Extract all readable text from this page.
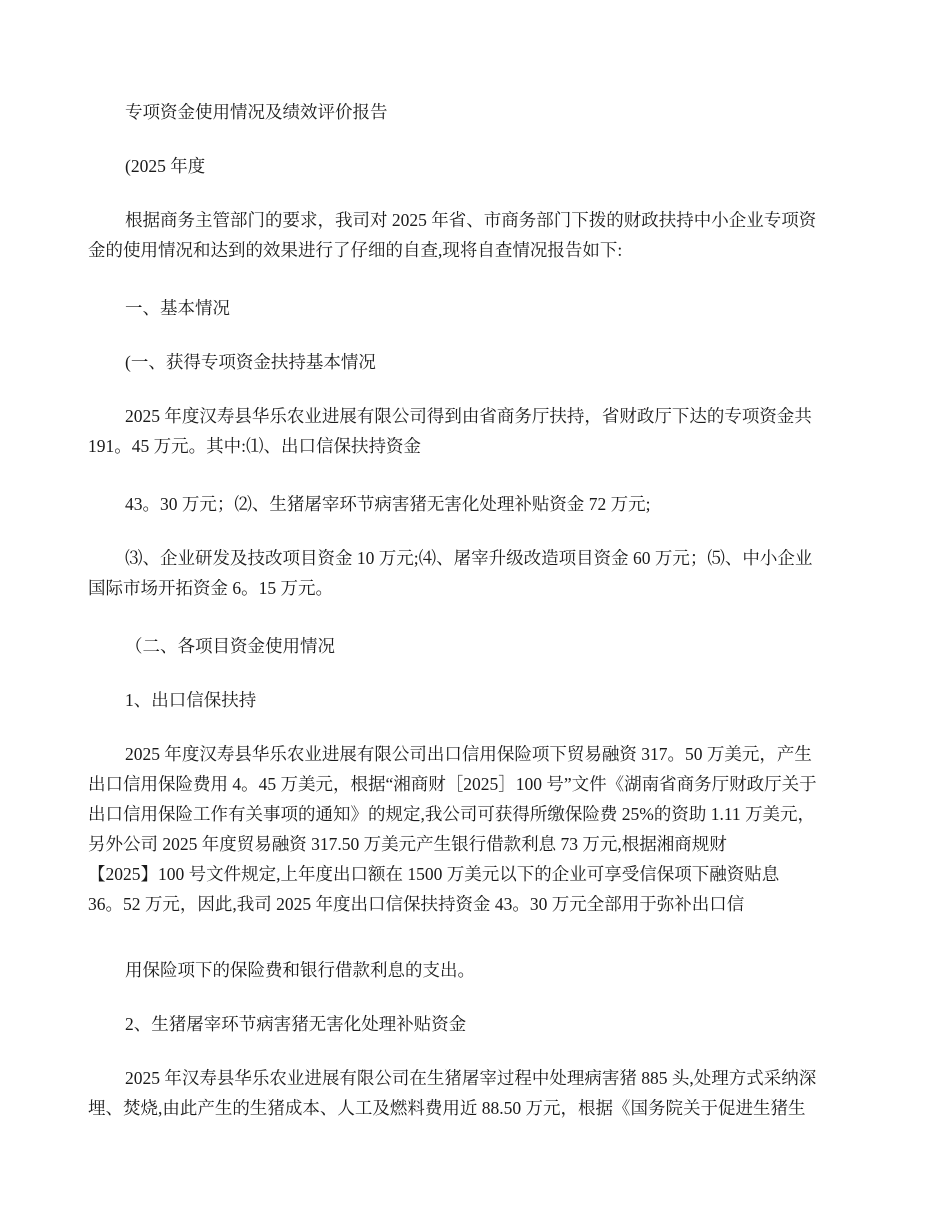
专项资金使用情况及绩效评价报告
(2025 年度
根据商务主管部门的要求，我司对 2025 年省、市商务部门下拨的财政扶持中小企业专项资
金的使用情况和达到的效果进行了仔细的自查,现将自查情况报告如下:
一、基本情况
(一、获得专项资金扶持基本情况
2025 年度汉寿县华乐农业进展有限公司得到由省商务厅扶持，省财政厅下达的专项资金共
191。45 万元。其中:⑴、出口信保扶持资金
43。30 万元；⑵、生猪屠宰环节病害猪无害化处理补贴资金 72 万元;
⑶、企业研发及技改项目资金 10 万元;⑷、屠宰升级改造项目资金 60 万元；⑸、中小企业
国际市场开拓资金 6。15 万元。
（二、各项目资金使用情况
1、出口信保扶持
2025 年度汉寿县华乐农业进展有限公司出口信用保险项下贸易融资 317。50 万美元，产生
出口信用保险费用 4。45 万美元，根据“湘商财［2025］100 号”文件《湖南省商务厅财政厅关于
出口信用保险工作有关事项的通知》的规定,我公司可获得所缴保险费 25%的资助 1.11 万美元，
另外公司 2025 年度贸易融资 317.50 万美元产生银行借款利息 73 万元,根据湘商规财
【2025】100 号文件规定,上年度出口额在 1500 万美元以下的企业可享受信保项下融资贴息
36。52 万元，因此,我司 2025 年度出口信保扶持资金 43。30 万元全部用于弥补出口信
用保险项下的保险费和银行借款利息的支出。
2、生猪屠宰环节病害猪无害化处理补贴资金
2025 年汉寿县华乐农业进展有限公司在生猪屠宰过程中处理病害猪 885 头,处理方式采纳深
埋、焚烧,由此产生的生猪成本、人工及燃料费用近 88.50 万元，根据《国务院关于促进生猪生
